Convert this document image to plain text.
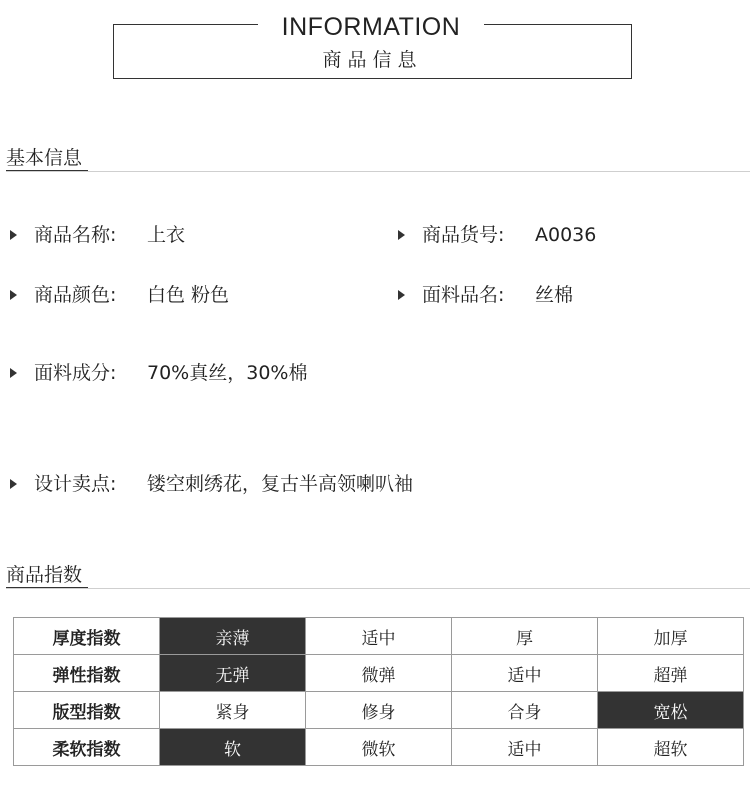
INFORMATION
商品信息
基本信息
商品名称: 上衣	商品货号: A0036
商品颜色: 白色 粉色	面料品名: 丝棉
面料成分: 70%真丝，30%棉
设计卖点: 镂空刺绣花，复古半高领喇叭袖
商品指数
厚度指数	亲薄	适中	厚	加厚
弹性指数	无弹	微弹	适中	超弹
版型指数	紧身	修身	合身	宽松
柔软指数	软	微软	适中	超软
